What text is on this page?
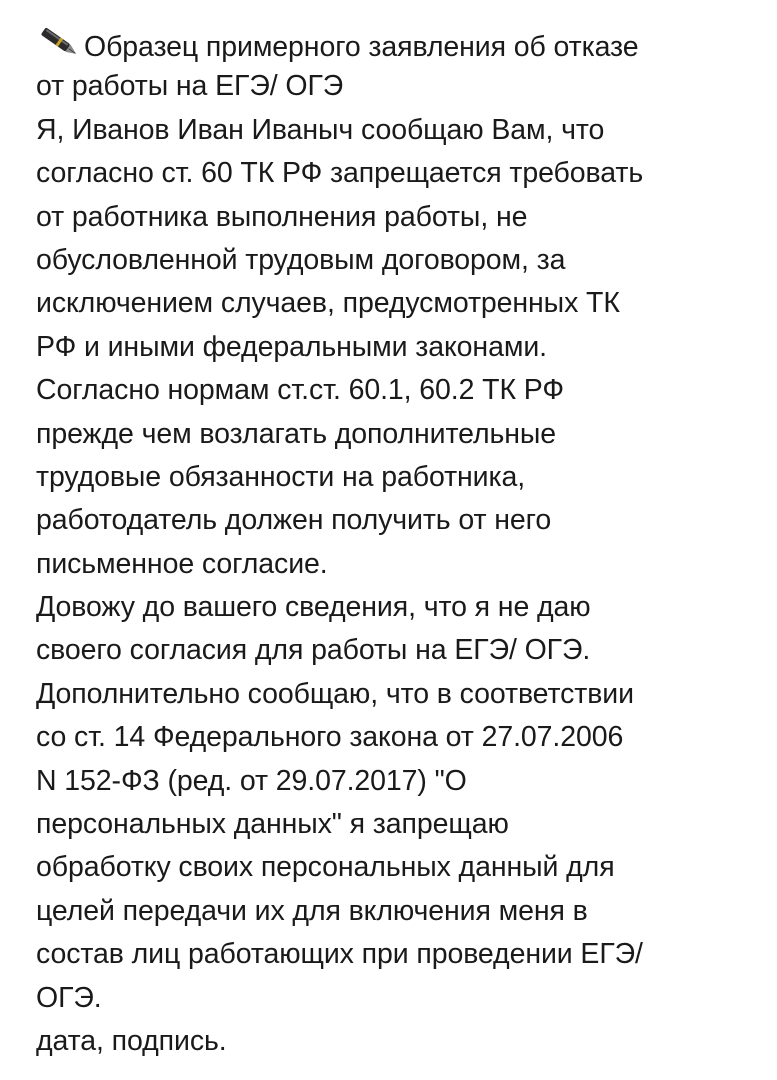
Образец примерного заявления об отказе
от работы на ЕГЭ/ ОГЭ
Я, Иванов Иван Иваныч сообщаю Вам, что
согласно ст. 60 ТК РФ запрещается требовать
от работника выполнения работы, не
обусловленной трудовым договором, за
исключением случаев, предусмотренных ТК
РФ и иными федеральными законами.
Согласно нормам ст.ст. 60.1, 60.2 ТК РФ
прежде чем возлагать дополнительные
трудовые обязанности на работника,
работодатель должен получить от него
письменное согласие.
Довожу до вашего сведения, что я не даю
своего согласия для работы на ЕГЭ/ ОГЭ.
Дополнительно сообщаю, что в соответствии
со ст. 14 Федерального закона от 27.07.2006
N 152-ФЗ (ред. от 29.07.2017) "О
персональных данных" я запрещаю
обработку своих персональных данный для
целей передачи их для включения меня в
состав лиц работающих при проведении ЕГЭ/
ОГЭ.
дата, подпись.
